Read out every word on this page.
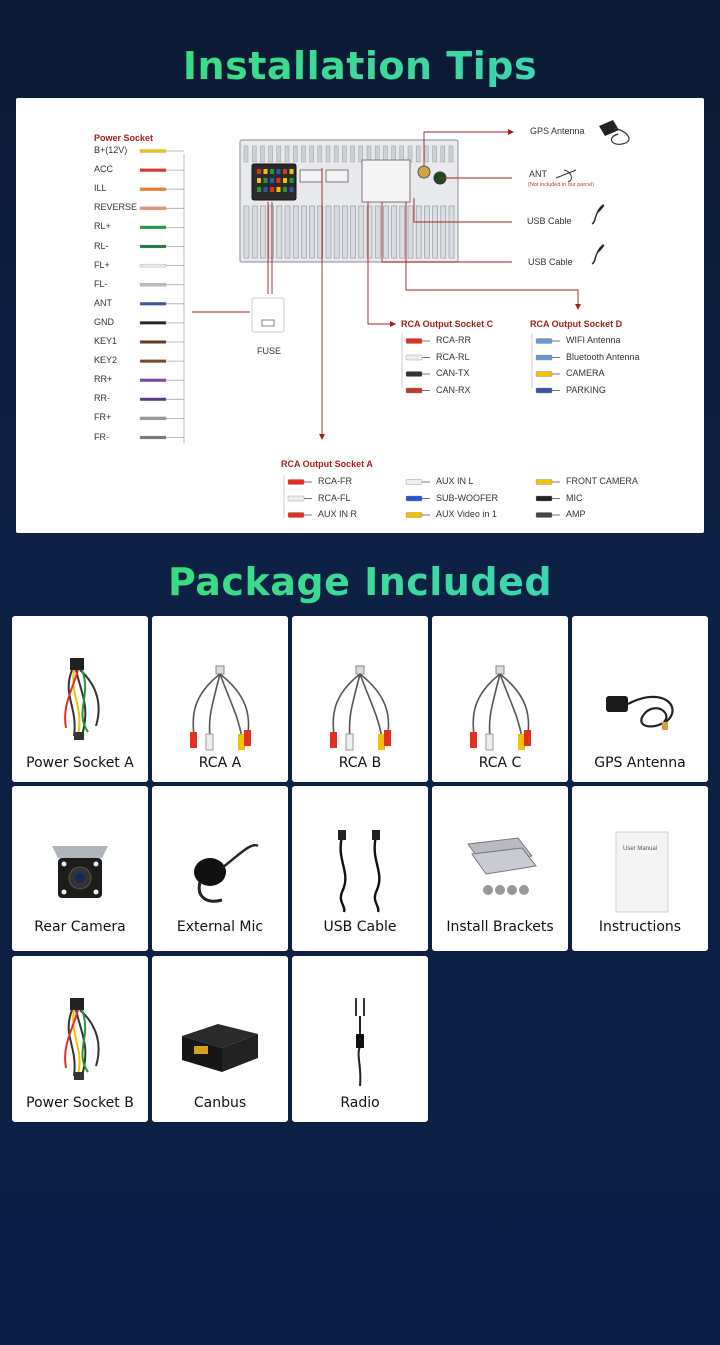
Installation Tips
Power Socket
B+(12V)
ACC
ILL
REVERSE
RL+
RL-
FL+
FL-
ANT
GND
KEY1
KEY2
RR+
RR-
FR+
FR-
FUSE
GPS Antenna
ANT
(Not included in our parcel)
USB Cable
USB Cable
RCA Output Socket C	RCA Output Socket D
RCA Output Socket A
RCA-RR
RCA-RL
CAN-TX
CAN-RX
WIFI Antenna
Bluetooth Antenna
CAMERA
PARKING
RCA-FR
RCA-FL
AUX IN R
AUX IN L
SUB-WOOFER
AUX Video in 1
FRONT CAMERA
MIC
AMP
Package Included
Power Socket A	RCA A	RCA B	RCA C	GPS Antenna
Rear Camera	External Mic	USB Cable	Install Brackets
User Manual
Instructions
Power Socket B	Canbus	Radio
